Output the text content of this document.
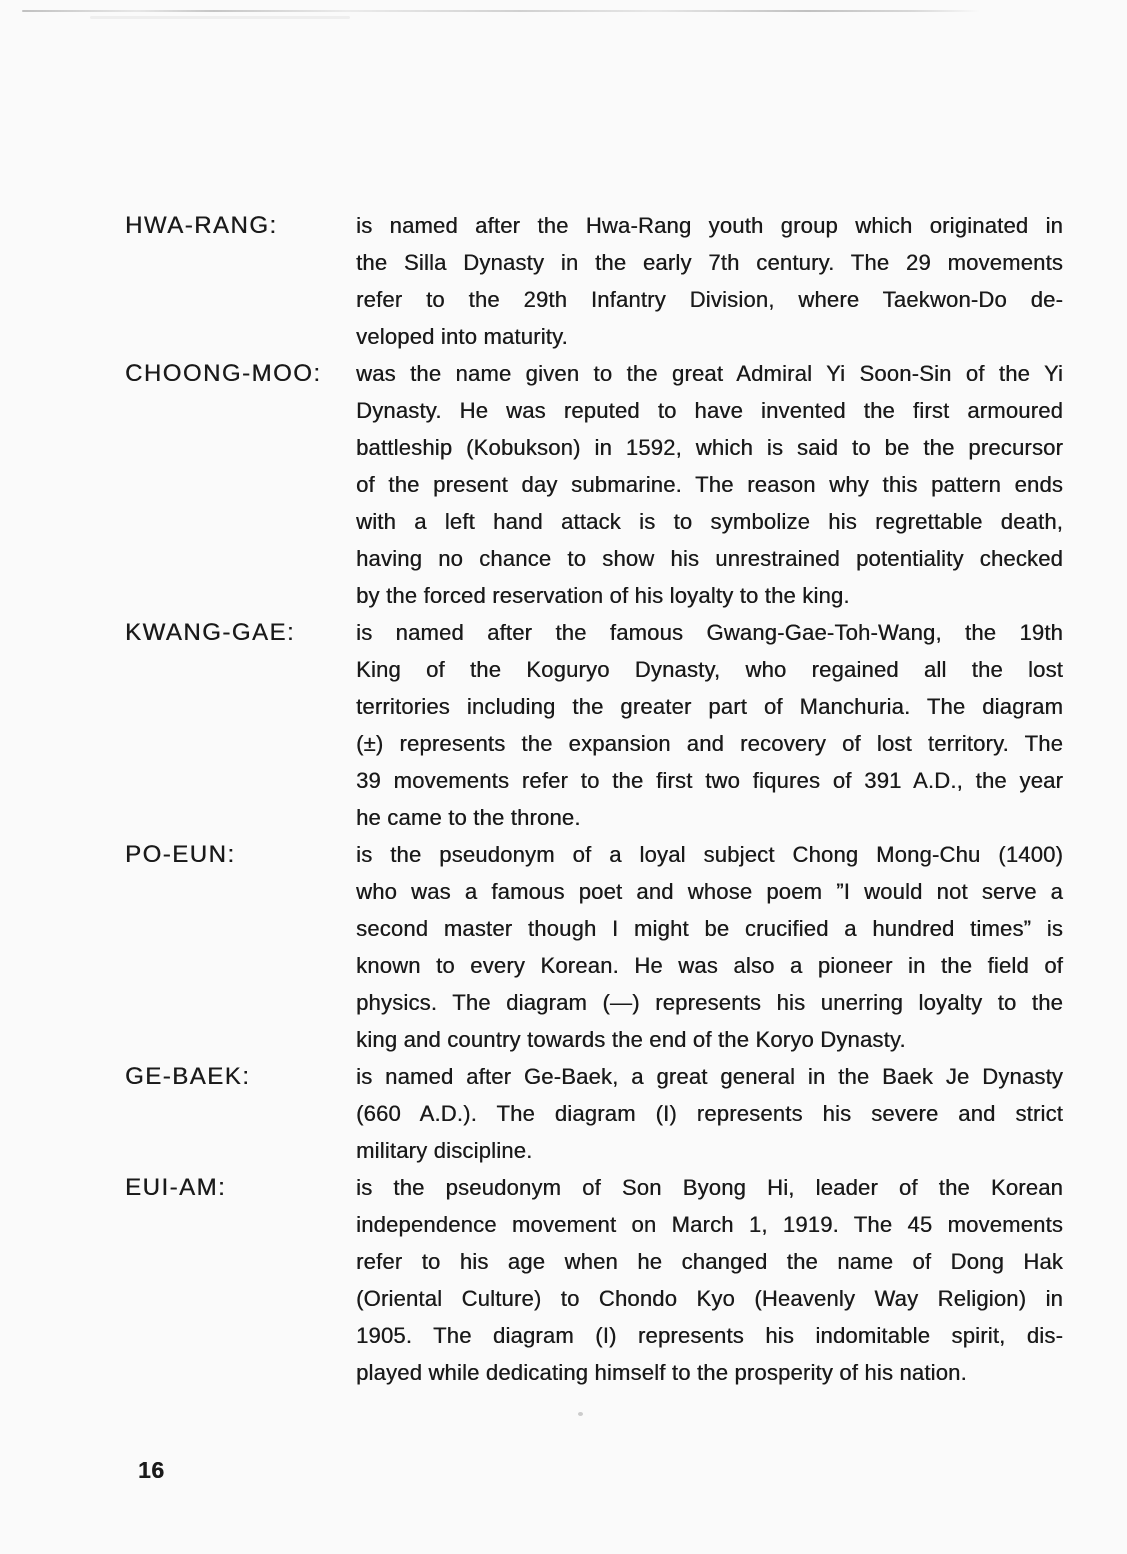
HWA-RANG:	is named after the Hwa-Rang youth group which originated in
the Silla Dynasty in the early 7th century. The 29 movements
refer to the 29th Infantry Division, where Taekwon-Do de-
veloped into maturity.
CHOONG-MOO:	was the name given to the great Admiral Yi Soon-Sin of the Yi
Dynasty. He was reputed to have invented the first armoured
battleship (Kobukson) in 1592, which is said to be the precursor
of the present day submarine. The reason why this pattern ends
with a left hand attack is to symbolize his regrettable death,
having no chance to show his unrestrained potentiality checked
by the forced reservation of his loyalty to the king.
KWANG-GAE:	is named after the famous Gwang-Gae-Toh-Wang, the 19th
King of the Koguryo Dynasty, who regained all the lost
territories including the greater part of Manchuria. The diagram
(±) represents the expansion and recovery of lost territory. The
39 movements refer to the first two fiqures of 391 A.D., the year
he came to the throne.
PO-EUN:	is the pseudonym of a loyal subject Chong Mong-Chu (1400)
who was a famous poet and whose poem ”I would not serve a
second master though I might be crucified a hundred times” is
known to every Korean. He was also a pioneer in the field of
physics. The diagram (—) represents his unerring loyalty to the
king and country towards the end of the Koryo Dynasty.
GE-BAEK:	is named after Ge-Baek, a great general in the Baek Je Dynasty
(660 A.D.). The diagram (I) represents his severe and strict
military discipline.
EUI-AM:	is the pseudonym of Son Byong Hi, leader of the Korean
independence movement on March 1, 1919. The 45 movements
refer to his age when he changed the name of Dong Hak
(Oriental Culture) to Chondo Kyo (Heavenly Way Religion) in
1905. The diagram (I) represents his indomitable spirit, dis-
played while dedicating himself to the prosperity of his nation.
16
